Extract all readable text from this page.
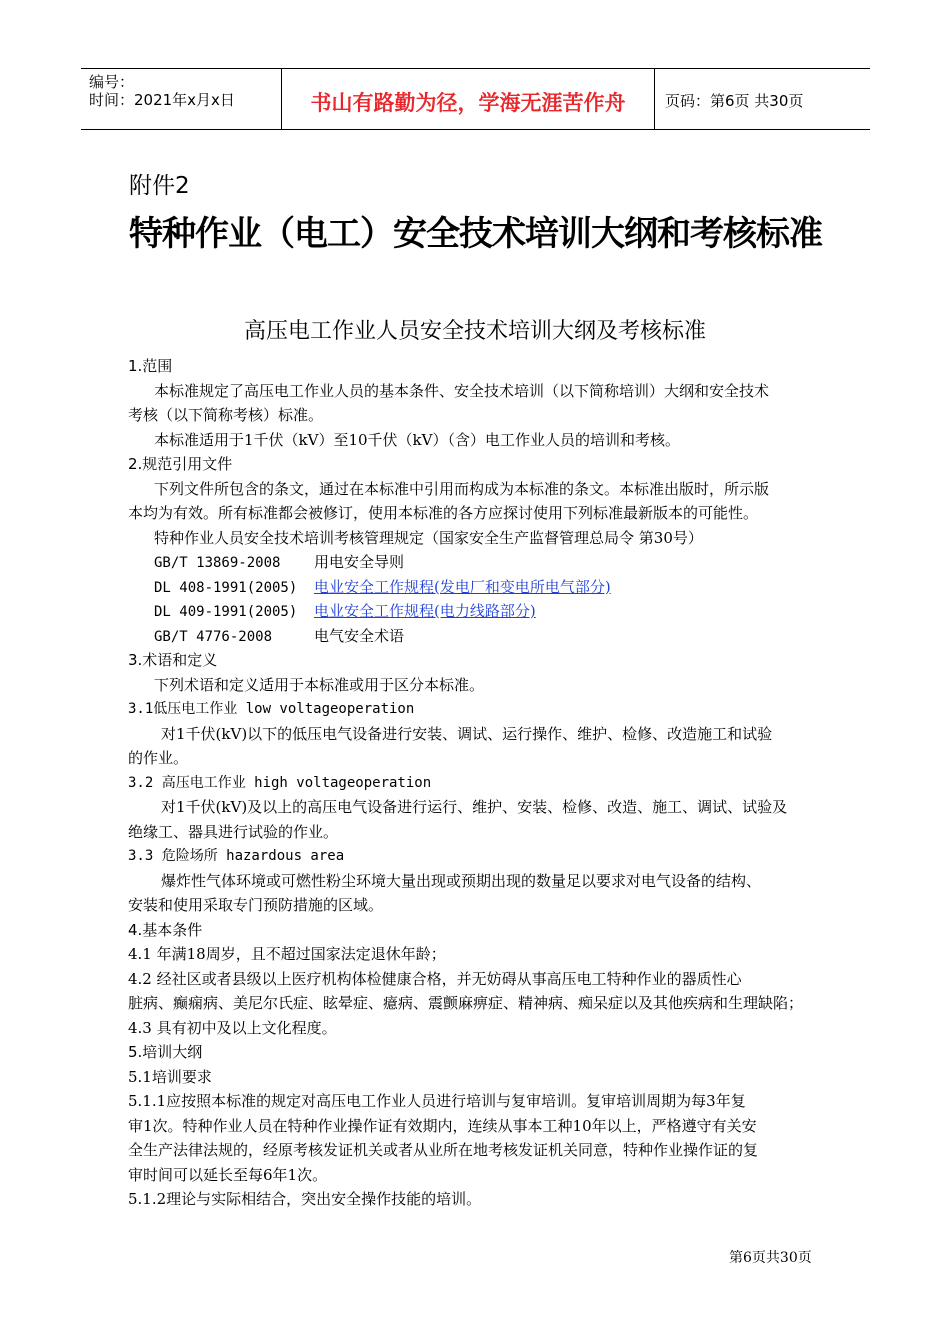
编号：
时间：2021年x月x日	书山有路勤为径，学海无涯苦作舟	页码：第6页 共30页
附件2
特种作业（电工）安全技术培训大纲和考核标准
高压电工作业人员安全技术培训大纲及考核标准
1.范围
本标准规定了高压电工作业人员的基本条件、安全技术培训（以下简称培训）大纲和安全技术
考核（以下简称考核）标准。
本标准适用于1千伏（kV）至10千伏（kV）（含）电工作业人员的培训和考核。
2.规范引用文件
下列文件所包含的条文，通过在本标准中引用而构成为本标准的条文。本标准出版时，所示版
本均为有效。所有标准都会被修订，使用本标准的各方应探讨使用下列标准最新版本的可能性。
特种作业人员安全技术培训考核管理规定（国家安全生产监督管理总局令 第30号）
GB/T 13869-2008 用电安全导则
DL 408-1991(2005) 电业安全工作规程(发电厂和变电所电气部分)
DL 409-1991(2005) 电业安全工作规程(电力线路部分)
GB/T 4776-2008	电气安全术语
3.术语和定义
下列术语和定义适用于本标准或用于区分本标准。
3.1低压电工作业 low voltageoperation
对1千伏(kV)以下的低压电气设备进行安装、调试、运行操作、维护、检修、改造施工和试验
的作业。
3.2 高压电工作业 high voltageoperation
对1千伏(kV)及以上的高压电气设备进行运行、维护、安装、检修、改造、施工、调试、试验及
绝缘工、器具进行试验的作业。
3.3 危险场所 hazardous area
爆炸性气体环境或可燃性粉尘环境大量出现或预期出现的数量足以要求对电气设备的结构、
安装和使用采取专门预防措施的区域。
4.基本条件
4.1 年满18周岁，且不超过国家法定退休年龄；
4.2 经社区或者县级以上医疗机构体检健康合格，并无妨碍从事高压电工特种作业的器质性心
脏病、癫痫病、美尼尔氏症、眩晕症、癔病、震颤麻痹症、精神病、痴呆症以及其他疾病和生理缺陷；
4.3 具有初中及以上文化程度。
5.培训大纲
5.1培训要求
5.1.1应按照本标准的规定对高压电工作业人员进行培训与复审培训。复审培训周期为每3年复
审1次。特种作业人员在特种作业操作证有效期内，连续从事本工种10年以上，严格遵守有关安
全生产法律法规的，经原考核发证机关或者从业所在地考核发证机关同意，特种作业操作证的复
审时间可以延长至每6年1次。
5.1.2理论与实际相结合，突出安全操作技能的培训。
第6页共30页
